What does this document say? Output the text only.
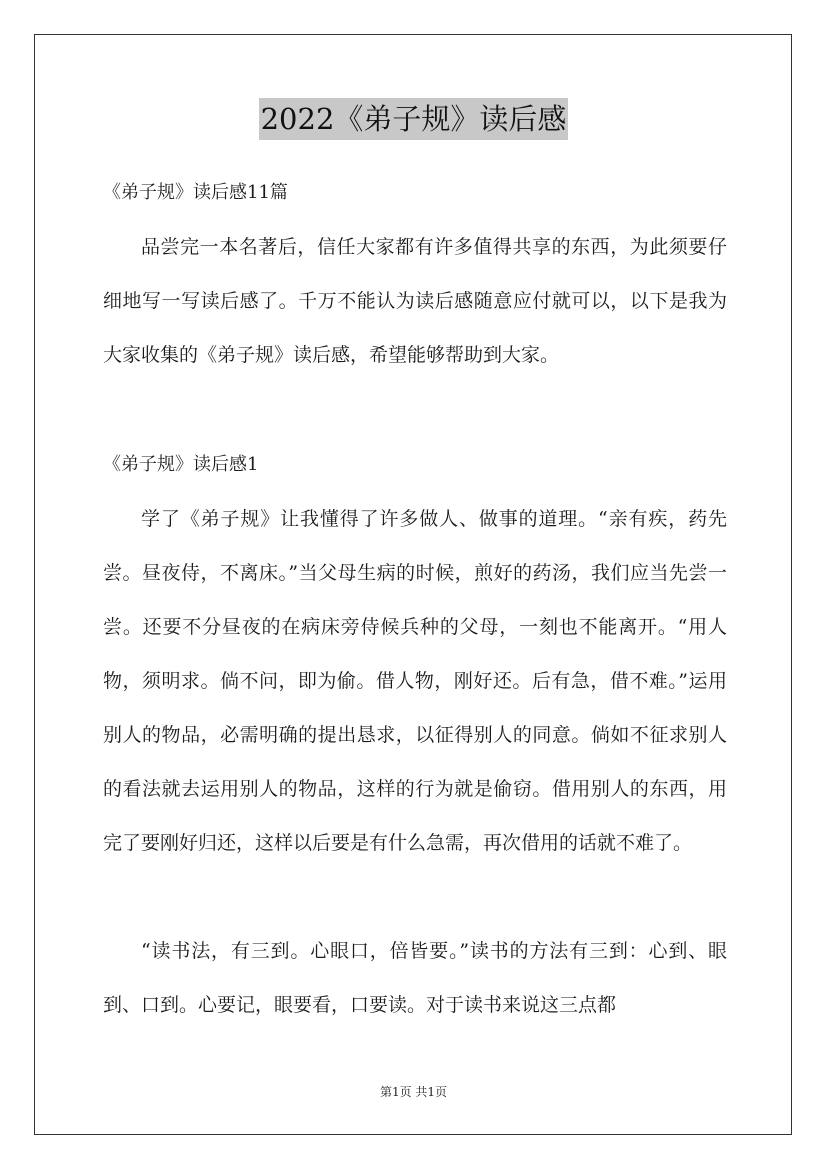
2022《弟子规》读后感
《弟子规》读后感11篇

品尝完一本名著后，信任大家都有许多值得共享的东西，为此须要仔细地写一写读后感了。千万不能认为读后感随意应付就可以，以下是我为大家收集的《弟子规》读后感，希望能够帮助到大家。

《弟子规》读后感1

学了《弟子规》让我懂得了许多做人、做事的道理。“亲有疾，药先尝。昼夜侍，不离床。”当父母生病的时候，煎好的药汤，我们应当先尝一尝。还要不分昼夜的在病床旁侍候兵种的父母，一刻也不能离开。“用人物，须明求。倘不问，即为偷。借人物，刚好还。后有急，借不难。”运用别人的物品，必需明确的提出恳求，以征得别人的同意。倘如不征求别人的看法就去运用别人的物品，这样的行为就是偷窃。借用别人的东西，用完了要刚好归还，这样以后要是有什么急需，再次借用的话就不难了。

“读书法，有三到。心眼口，倍皆要。”读书的方法有三到：心到、眼到、口到。心要记，眼要看，口要读。对于读书来说这三点都

第1页 共1页
